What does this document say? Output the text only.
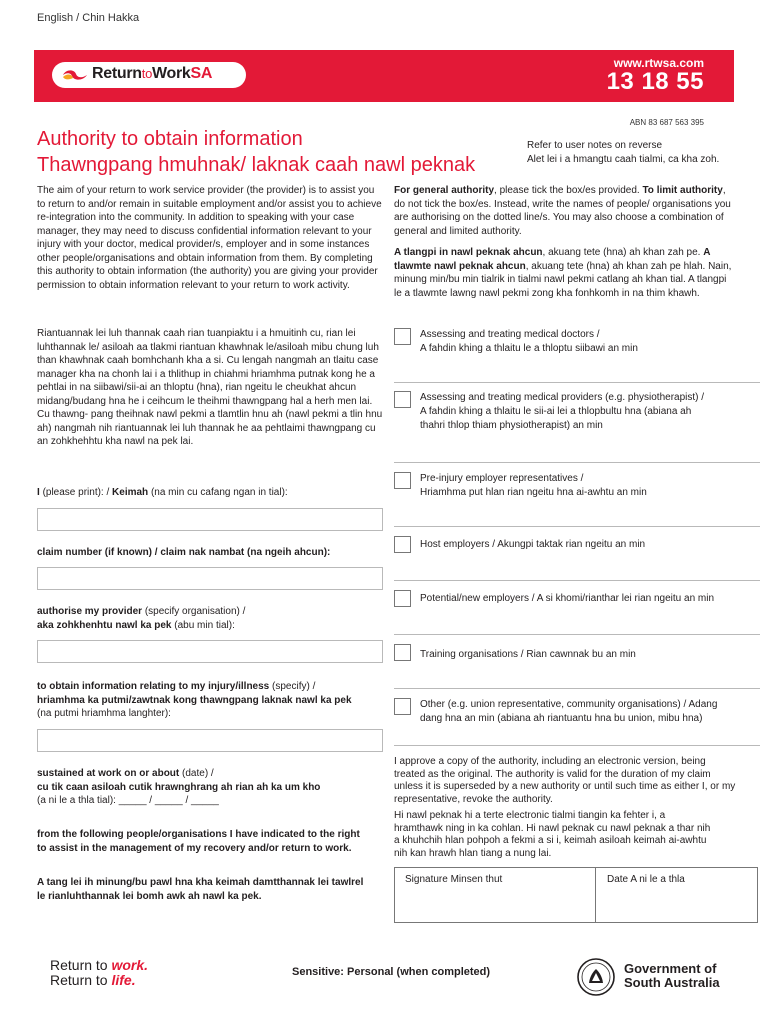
English / Chin Hakka
ReturntoWorkSA
www.rtwsa.com
13 18 55
ABN 83 687 563 395
Authority to obtain information
Thawngpang hmuhnak/ laknak caah nawl peknak
Refer to user notes on reverse
Alet lei i a hmangtu caah tialmi, ca kha zoh.
The aim of your return to work service provider (the provider) is to assist you to return to and/or remain in suitable employment and/or assist you to achieve re-integration into the community. In addition to speaking with your case manager, they may need to discuss confidential information relevant to your injury with your doctor, medical provider/s, employer and in some instances other people/organisations and obtain information from them. By completing this authority to obtain information (the authority) you are giving your provider permission to obtain information relevant to your return to work activity.
Riantuannak lei luh thannak caah rian tuanpiaktu i a hmuitinh cu, rian lei luhthannak le/ asiloah aa tlakmi riantuan khawhnak le/asiloah mibu chung luh than khawhnak caah bomhchanh kha a si. Cu lengah nangmah an tlaitu case manager kha na chonh lai i a thlithup in chiahmi hriamhma putnak kong he a pehtlai in na siibawi/sii-ai an thloptu (hna), rian ngeitu le cheukhat ahcun midang/budang hna he i ceihcum le theihmi thawngpang hal a herh men lai. Cu thawng- pang theihnak nawl pekmi a tlamtlin hnu ah (nawl pekmi a tlin hnu ah) nangmah nih riantuannak lei luh thannak he aa pehtlaimi thawngpang cu an zohkhehhtu kha nawl na pek lai.
I (please print): / Keimah (na min cu cafang ngan in tial):
claim number (if known) / claim nak nambat (na ngeih ahcun):
authorise my provider (specify organisation) /
aka zohkhenhtu nawl ka pek (abu min tial):
to obtain information relating to my injury/illness (specify) /
hriamhma ka putmi/zawtnak kong thawngpang laknak nawl ka pek
(na putmi hriamhma langhter):
sustained at work on or about (date) /
cu tik caan asiloah cutik hrawnghrang ah rian ah ka um kho
(a ni le a thla tial): _____ / _____ / _____
from the following people/organisations I have indicated to the right to assist in the management of my recovery and/or return to work.
A tang lei ih minung/bu pawl hna kha keimah damtthannak lei tawlrel le rianluhthannak lei bomh awk ah nawl ka pek.
For general authority, please tick the box/es provided. To limit authority, do not tick the box/es. Instead, write the names of people/ organisations you are authorising on the dotted line/s. You may also choose a combination of general and limited authority.
A tlangpi in nawl peknak ahcun, akuang tete (hna) ah khan zah pe. A tlawmte nawl peknak ahcun, akuang tete (hna) ah khan zah pe hlah. Nain, minung min/bu min tialrik in tialmi nawl pekmi catlang ah khan tial. A tlangpi le a tlawmte lawng nawl pekmi zong kha fonhkomh in na thim khawh.
Assessing and treating medical doctors /
A fahdin khing a thlaitu le a thloptu siibawi an min
Assessing and treating medical providers (e.g. physiotherapist) /
A fahdin khing a thlaitu le sii-ai lei a thlopbultu hna (abiana ah
thahri thlop thiam physiotherapist) an min
Pre-injury employer representatives /
Hriamhma put hlan rian ngeitu hna ai-awhtu an min
Host employers / Akungpi taktak rian ngeitu an min
Potential/new employers / A si khomi/rianthar lei rian ngeitu an min
Training organisations / Rian cawnnak bu an min
Other (e.g. union representative, community organisations) / Adang
dang hna an min (abiana ah riantuantu hna bu union, mibu hna)
I approve a copy of the authority, including an electronic version, being treated as the original. The authority is valid for the duration of my claim unless it is superseded by a new authority or until such time as either I, or my representative, revoke the authority.
Hi nawl peknak hi a terte electronic tialmi tiangin ka fehter i, a hramthawk ning in ka cohlan. Hi nawl peknak cu nawl peknak a thar nih a khuhchih hlan pohpoh a fekmi a si i, keimah asiloah keimah ai-awhtu nih kan hrawh hlan tiang a nung lai.
Signature Minsen thut	Date A ni le a thla
Return to work.
Return to life.	Sensitive: Personal (when completed)	Government of
South Australia
